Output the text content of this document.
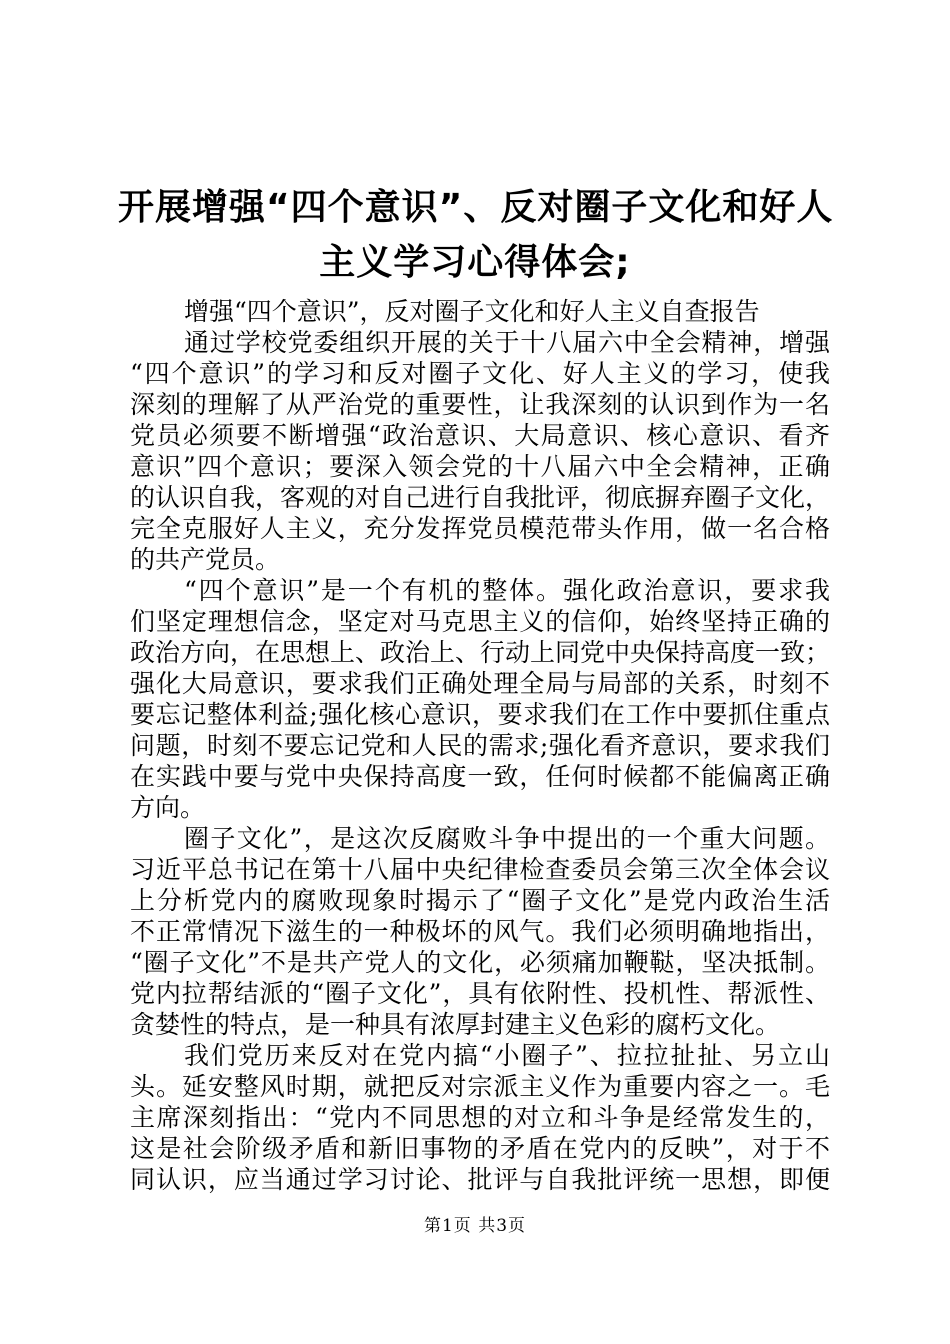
开展增强“四个意识”、反对圈子文化和好人
主义学习心得体会;
增强“四个意识”，反对圈子文化和好人主义自查报告
通过学校党委组织开展的关于十八届六中全会精神，增强
“四个意识”的学习和反对圈子文化、好人主义的学习，使我
深刻的理解了从严治党的重要性，让我深刻的认识到作为一名
党员必须要不断增强“政治意识、大局意识、核心意识、看齐
意识”四个意识；要深入领会党的十八届六中全会精神，正确
的认识自我，客观的对自己进行自我批评，彻底摒弃圈子文化，
完全克服好人主义，充分发挥党员模范带头作用，做一名合格
的共产党员。
“四个意识”是一个有机的整体。强化政治意识，要求我
们坚定理想信念，坚定对马克思主义的信仰，始终坚持正确的
政治方向，在思想上、政治上、行动上同党中央保持高度一致；
强化大局意识，要求我们正确处理全局与局部的关系，时刻不
要忘记整体利益;强化核心意识，要求我们在工作中要抓住重点
问题，时刻不要忘记党和人民的需求;强化看齐意识，要求我们
在实践中要与党中央保持高度一致，任何时候都不能偏离正确
方向。
圈子文化”，是这次反腐败斗争中提出的一个重大问题。
习近平总书记在第十八届中央纪律检查委员会第三次全体会议
上分析党内的腐败现象时揭示了“圈子文化”是党内政治生活
不正常情况下滋生的一种极坏的风气。我们必须明确地指出，
“圈子文化”不是共产党人的文化，必须痛加鞭鞑，坚决抵制。
党内拉帮结派的“圈子文化”，具有依附性、投机性、帮派性、
贪婪性的特点，是一种具有浓厚封建主义色彩的腐朽文化。
我们党历来反对在党内搞“小圈子”、拉拉扯扯、另立山
头。延安整风时期，就把反对宗派主义作为重要内容之一。毛
主席深刻指出：“党内不同思想的对立和斗争是经常发生的，
这是社会阶级矛盾和新旧事物的矛盾在党内的反映”，对于不
同认识，应当通过学习讨论、批评与自我批评统一思想，即便
第1页 共3页
